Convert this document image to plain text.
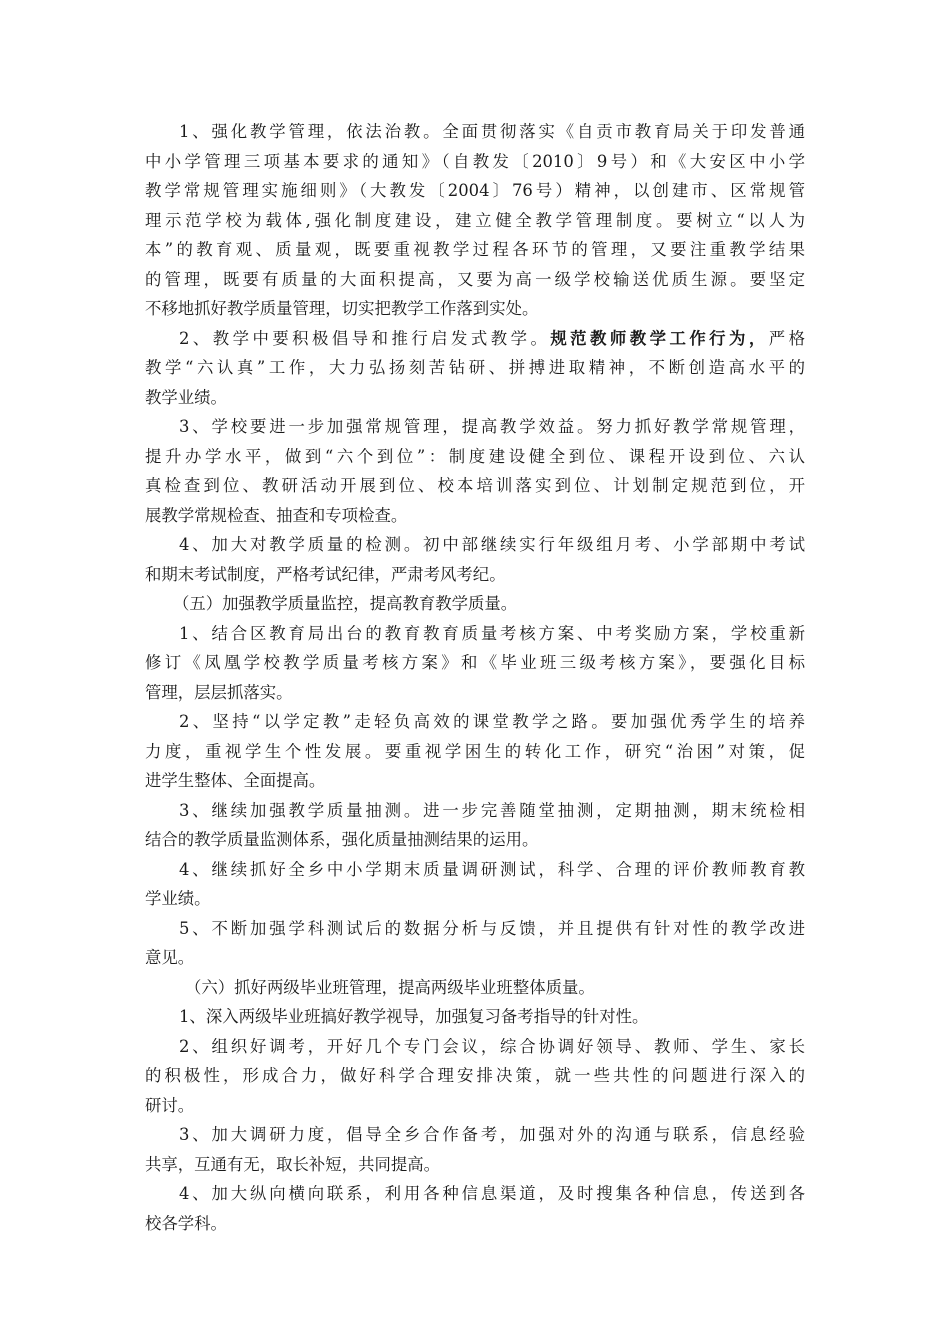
1、强化教学管理，依法治教。全面贯彻落实《自贡市教育局关于印发普通
中小学管理三项基本要求的通知》（自教发〔2010〕9号）和《大安区中小学
教学常规管理实施细则》（大教发〔2004〕76号）精神，以创建市、区常规管
理示范学校为载体,强化制度建设，建立健全教学管理制度。要树立“以人为
本”的教育观、质量观，既要重视教学过程各环节的管理，又要注重教学结果
的管理，既要有质量的大面积提高，又要为高一级学校输送优质生源。要坚定
不移地抓好教学质量管理，切实把教学工作落到实处。
2、教学中要积极倡导和推行启发式教学。规范教师教学工作行为，严格
教学“六认真”工作，大力弘扬刻苦钻研、拼搏进取精神，不断创造高水平的
教学业绩。
3、学校要进一步加强常规管理，提高教学效益。努力抓好教学常规管理，
提升办学水平，做到“六个到位”：制度建设健全到位、课程开设到位、六认
真检查到位、教研活动开展到位、校本培训落实到位、计划制定规范到位，开
展教学常规检查、抽查和专项检查。
4、加大对教学质量的检测。初中部继续实行年级组月考、小学部期中考试
和期末考试制度，严格考试纪律，严肃考风考纪。
（五）加强教学质量监控，提高教育教学质量。
1、结合区教育局出台的教育教育质量考核方案、中考奖励方案，学校重新
修订《凤凰学校教学质量考核方案》和《毕业班三级考核方案》，要强化目标
管理，层层抓落实。
2、坚持“以学定教”走轻负高效的课堂教学之路。要加强优秀学生的培养
力度，重视学生个性发展。要重视学困生的转化工作，研究“治困”对策，促
进学生整体、全面提高。
3、继续加强教学质量抽测。进一步完善随堂抽测，定期抽测，期末统检相
结合的教学质量监测体系，强化质量抽测结果的运用。
4、继续抓好全乡中小学期末质量调研测试，科学、合理的评价教师教育教
学业绩。
5、不断加强学科测试后的数据分析与反馈，并且提供有针对性的教学改进
意见。
（六）抓好两级毕业班管理，提高两级毕业班整体质量。
1、深入两级毕业班搞好教学视导，加强复习备考指导的针对性。
2、组织好调考，开好几个专门会议，综合协调好领导、教师、学生、家长
的积极性，形成合力，做好科学合理安排决策，就一些共性的问题进行深入的
研讨。
3、加大调研力度，倡导全乡合作备考，加强对外的沟通与联系，信息经验
共享，互通有无，取长补短，共同提高。
4、加大纵向横向联系，利用各种信息渠道，及时搜集各种信息，传送到各
校各学科。
